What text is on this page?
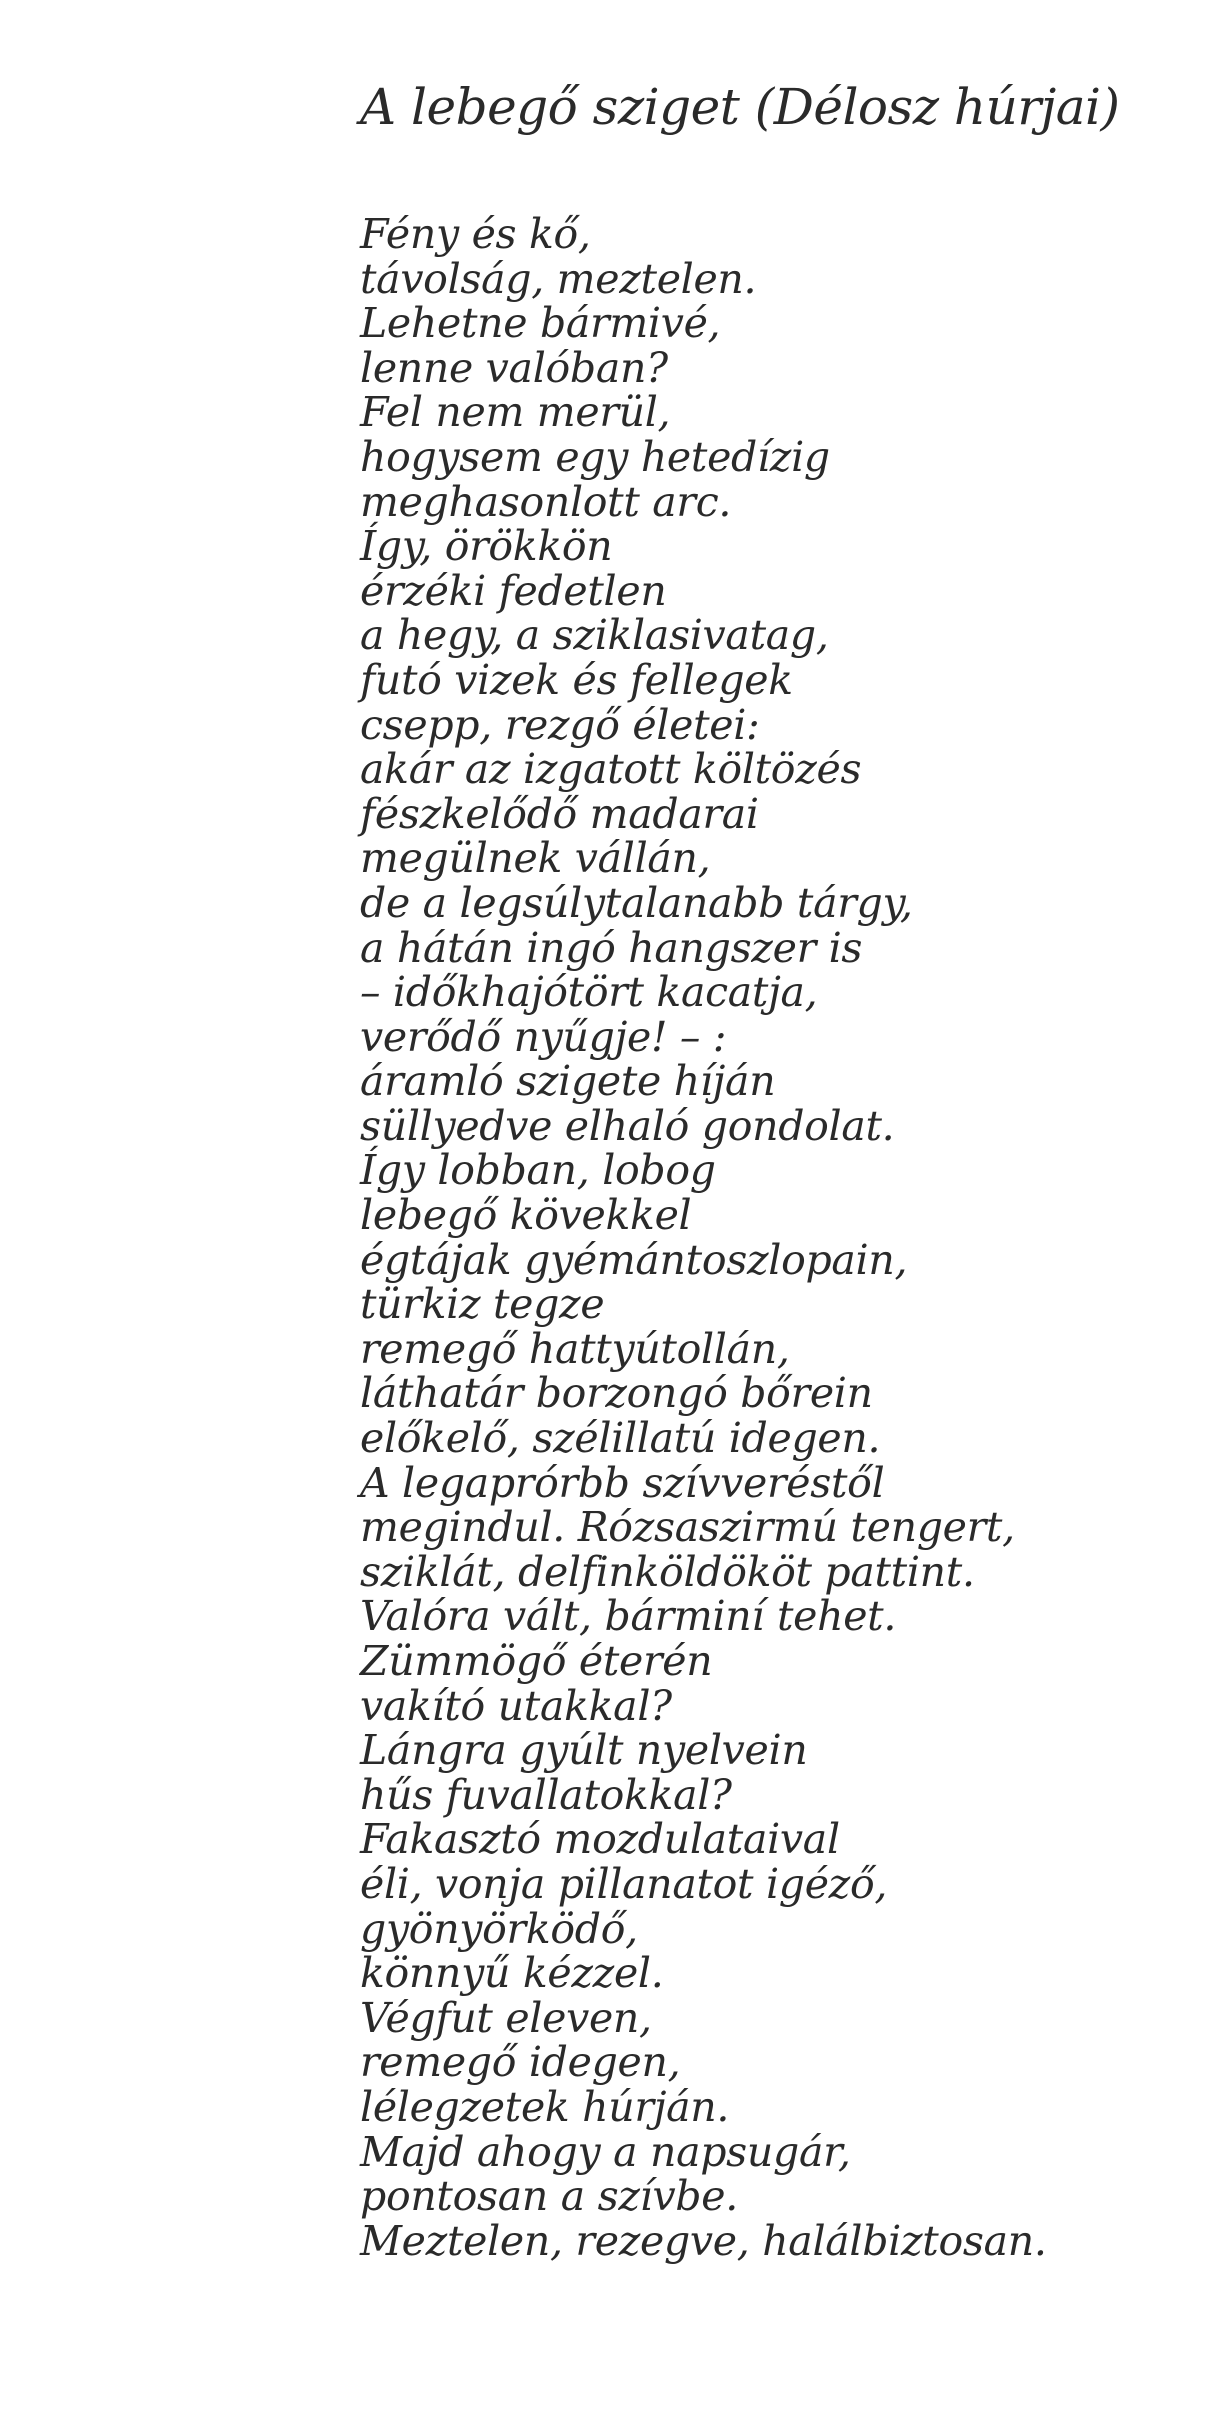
A lebegő sziget (Délosz húrjai)
Fény és kő,
távolság, meztelen.
Lehetne bármivé,
lenne valóban?
Fel nem merül,
hogysem egy hetedízig
meghasonlott arc.
Így, örökkön
érzéki fedetlen
a hegy, a sziklasivatag,
futó vizek és fellegek
csepp, rezgő életei:
akár az izgatott költözés
fészkelődő madarai
megülnek vállán,
de a legsúlytalanabb tárgy,
a hátán ingó hangszer is
– időkhajótört kacatja,
verődő nyűgje! – :
áramló szigete híján
süllyedve elhaló gondolat.
Így lobban, lobog
lebegő kövekkel
égtájak gyémántoszlopain,
türkiz tegze
remegő hattyútollán,
láthatár borzongó bőrein
előkelő, szélillatú idegen.
A legaprórbb szívveréstől
megindul. Rózsaszirmú tengert,
sziklát, delfinköldököt pattint.
Valóra vált, bárminí tehet.
Zümmögő éterén
vakító utakkal?
Lángra gyúlt nyelvein
hűs fuvallatokkal?
Fakasztó mozdulataival
éli, vonja pillanatot igéző,
gyönyörködő,
könnyű kézzel.
Végfut eleven,
remegő idegen,
lélegzetek húrján.
Majd ahogy a napsugár,
pontosan a szívbe.
Meztelen, rezegve, halálbiztosan.
